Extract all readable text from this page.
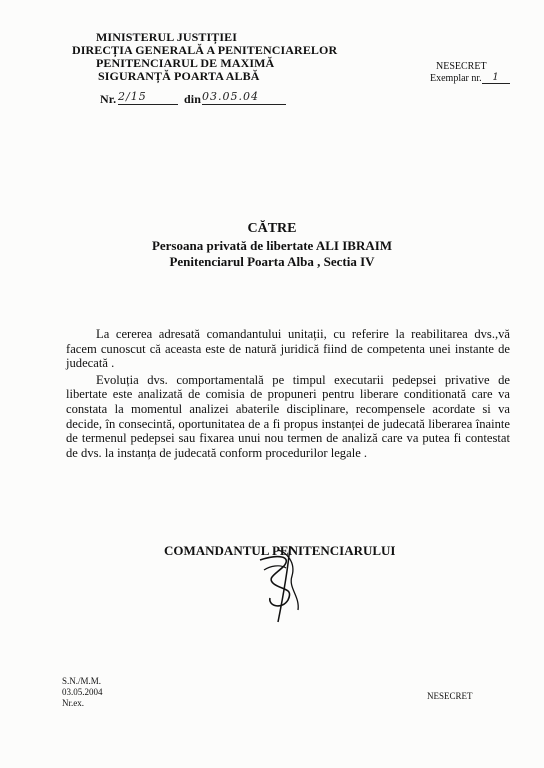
MINISTERUL JUSTIȚIEI
DIRECȚIA GENERALĂ A PENITENCIARELOR
PENITENCIARUL DE MAXIMĂ
SIGURANȚĂ POARTA ALBĂ
Nr. 2/15	din 03.05.04
NESECRET
Exemplar nr.	1
CĂTRE
Persoana privată de libertate ALI IBRAIM
Penitenciarul Poarta Alba , Sectia IV

La cererea adresată comandantului unitații, cu referire la reabilitarea dvs.,vă facem cunoscut că aceasta este de natură juridică fiind de competenta unei instante de judecată .

Evoluția dvs. comportamentală pe timpul executarii pedepsei privative de libertate este analizată de comisia de propuneri pentru liberare conditionată care va constata la momentul analizei abaterile disciplinare, recompensele acordate si va decide, în consecintă, oportunitatea de a fi propus instanței de judecată liberarea înainte de termenul pedepsei sau fixarea unui nou termen de analiză care va putea fi contestat de dvs. la instanța de judecată conform procedurilor legale .

COMANDANTUL PENITENCIARULUI
S.N./M.M.
03.05.2004
Nr.ex.
NESECRET
